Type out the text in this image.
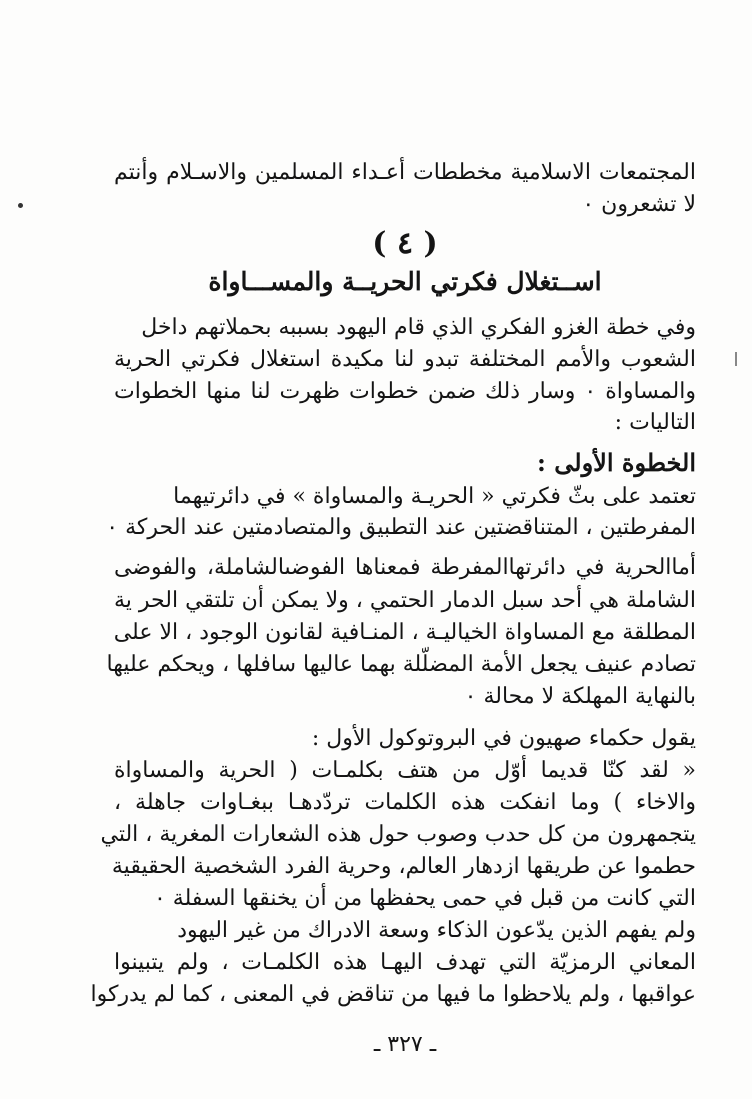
المجتمعات الاسلامية مخططات أعـداء المسلمين والاسـلام وأنتم
لا تشعرون ٠
( ٤ )
اســتغلال فكرتي الحريــة والمســـاواة
وفي خطة الغزو الفكري الذي قام اليهود بسببه بحملاتهم داخل
الشعوب والأمم المختلفة تبدو لنا مكيدة استغلال فكرتي الحرية
والمساواة ٠ وسار ذلك ضمن خطوات ظهرت لنا منها الخطوات
التاليات :
الخطوة الأولى :
تعتمد على بثّ فكرتي « الحريـة والمساواة » في دائرتيهما
المفرطتين ، المتناقضتين عند التطبيق والمتصادمتين عند الحركة ٠
أماالحرية في دائرتهاالمفرطة فمعناها الفوضىالشاملة، والفوضى
الشاملة هي أحد سبل الدمار الحتمي ، ولا يمكن أن تلتقي الحر ية
المطلقة مع المساواة الخياليـة ، المنـافية لقانون الوجود ، الا على
تصادم عنيف يجعل الأمة المضلّلة بهما عاليها سافلها ، ويحكم عليها
بالنهاية المهلكة لا محالة ٠
يقول حكماء صهيون في البروتوكول الأول :
« لقد كنّا قديما أوّل من هتف بكلمـات ( الحرية والمساواة
والاخاء ) وما انفكت هذه الكلمات تردّدهـا ببغـاوات جاهلة ،
يتجمهرون من كل حدب وصوب حول هذه الشعارات المغرية ، التي
حطموا عن طريقها ازدهار العالم، وحرية الفرد الشخصية الحقيقية
التي كانت من قبل في حمى يحفظها من أن يخنقها السفلة ٠
ولم يفهم الذين يدّعون الذكاء وسعة الادراك من غير اليهود
المعاني الرمزيّة التي تهدف اليهـا هذه الكلمـات ، ولم يتبينوا
عواقبها ، ولم يلاحظوا ما فيها من تناقض في المعنى ، كما لم يدركوا
ـ ٣٢٧ ـ
